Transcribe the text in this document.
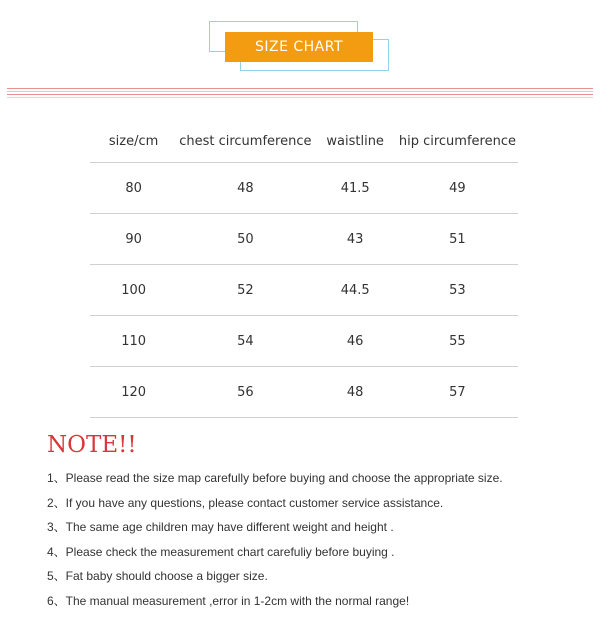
SIZE CHART
size/cm	chest circumference	waistline	hip circumference
80	48	41.5	49
90	50	43	51
100	52	44.5	53
110	54	46	55
120	56	48	57
NOTE!!
1、Please read the size map carefully before buying and choose the appropriate size.
2、If you have any questions, please contact customer service assistance.
3、The same age children may have different weight and height .
4、Please check the measurement chart carefuliy before buying .
5、Fat baby should choose a bigger size.
6、The manual measurement ,error in 1-2cm with the normal range!
